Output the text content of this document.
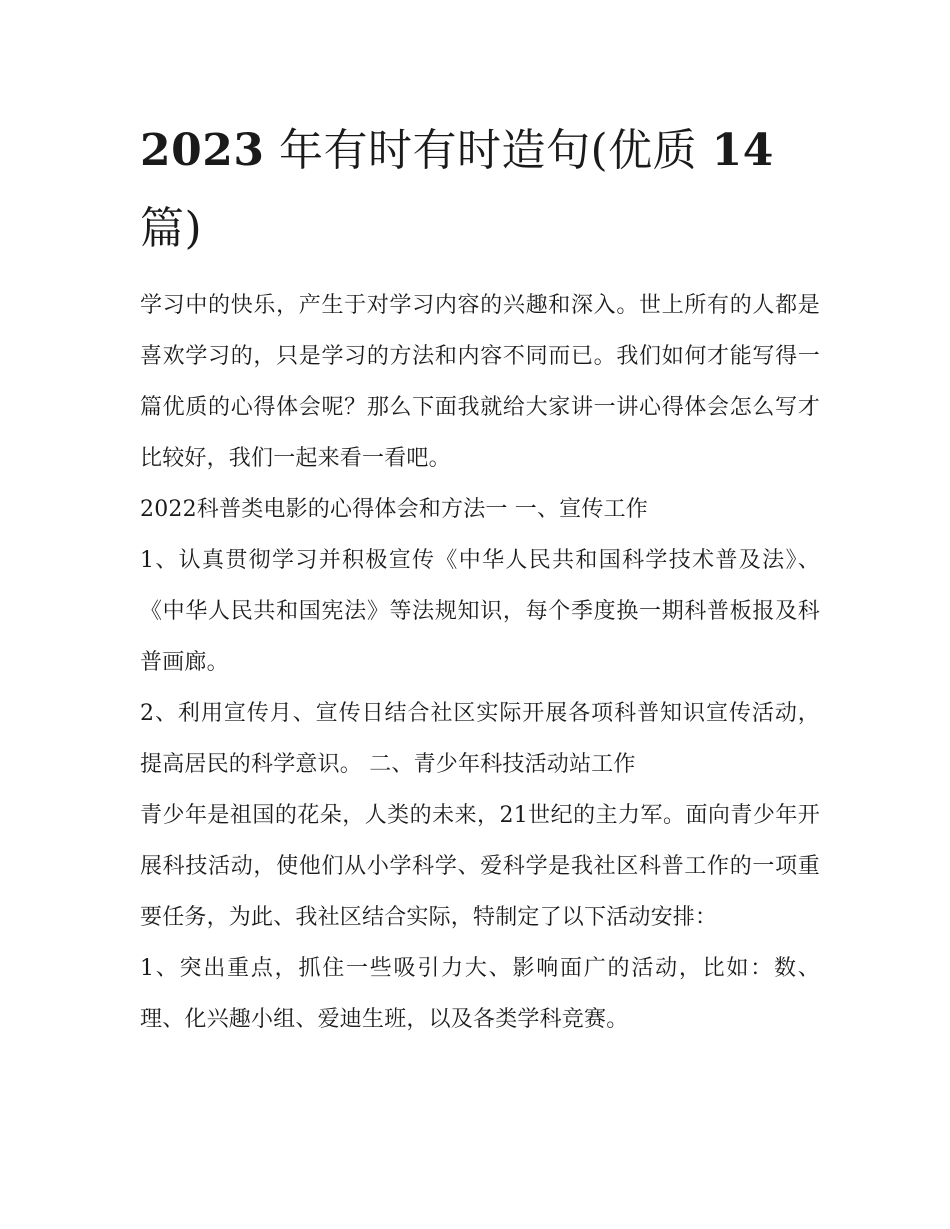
2023 年有时有时造句(优质 14
篇)

学习中的快乐，产生于对学习内容的兴趣和深入。世上所有的人都是喜欢学习的，只是学习的方法和内容不同而已。我们如何才能写得一篇优质的心得体会呢？那么下面我就给大家讲一讲心得体会怎么写才比较好，我们一起来看一看吧。

2022科普类电影的心得体会和方法一 一、宣传工作

1、认真贯彻学习并积极宣传《中华人民共和国科学技术普及法》、《中华人民共和国宪法》等法规知识，每个季度换一期科普板报及科普画廊。

2、利用宣传月、宣传日结合社区实际开展各项科普知识宣传活动，提高居民的科学意识。 二、青少年科技活动站工作

青少年是祖国的花朵，人类的未来，21世纪的主力军。面向青少年开展科技活动，使他们从小学科学、爱科学是我社区科普工作的一项重要任务，为此、我社区结合实际，特制定了以下活动安排：

1、突出重点，抓住一些吸引力大、影响面广的活动，比如：数、理、化兴趣小组、爱迪生班，以及各类学科竞赛。
